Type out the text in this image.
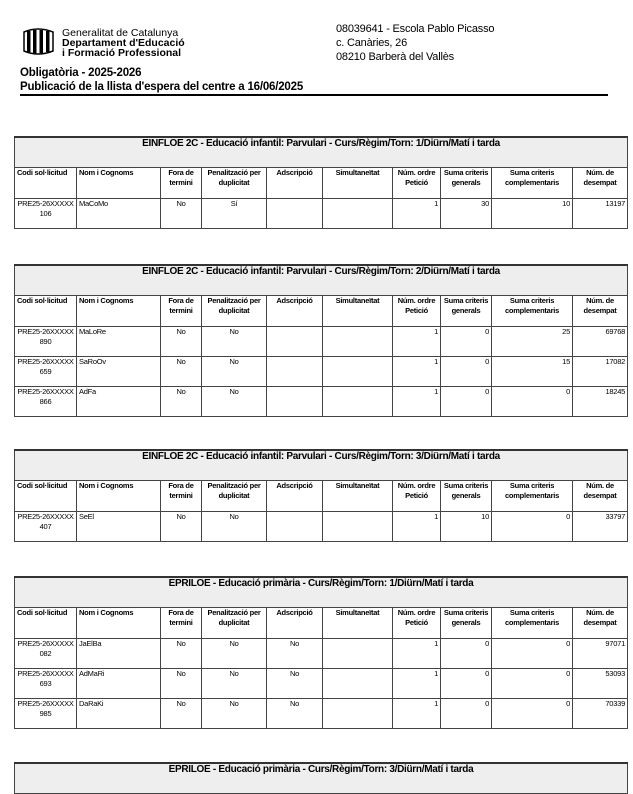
Generalitat de Catalunya
Departament d'Educació
i Formació Professional
08039641 - Escola Pablo Picasso
c. Canàries, 26
08210 Barberà del Vallès
Obligatòria - 2025-2026
Publicació de la llista d'espera del centre a 16/06/2025
EINFLOE 2C - Educació infantil: Parvulari - Curs/Règim/Torn: 1/Diürn/Matí i tarda									
Codi sol·licitud	Nom i Cognoms	Fora de termini	Penalització per duplicitat	Adscripció	Simultaneïtat	Núm. ordre Petició	Suma criteris generals	Suma criteris complementaris	Núm. de desempat
PRE25-26XXXXX106	MaCoMo	No	Sí			1	30	10	13197
EINFLOE 2C - Educació infantil: Parvulari - Curs/Règim/Torn: 2/Diürn/Matí i tarda									
Codi sol·licitud	Nom i Cognoms	Fora de termini	Penalització per duplicitat	Adscripció	Simultaneïtat	Núm. ordre Petició	Suma criteris generals	Suma criteris complementaris	Núm. de desempat
PRE25-26XXXXX890	MaLoRe	No	No			1	0	25	69768
PRE25-26XXXXX659	SaRoOv	No	No			1	0	15	17082
PRE25-26XXXXX866	AdFa	No	No			1	0	0	18245
EINFLOE 2C - Educació infantil: Parvulari - Curs/Règim/Torn: 3/Diürn/Matí i tarda									
Codi sol·licitud	Nom i Cognoms	Fora de termini	Penalització per duplicitat	Adscripció	Simultaneïtat	Núm. ordre Petició	Suma criteris generals	Suma criteris complementaris	Núm. de desempat
PRE25-26XXXXX407	SeEl	No	No			1	10	0	33797
EPRILOE - Educació primària - Curs/Règim/Torn: 1/Diürn/Matí i tarda									
Codi sol·licitud	Nom i Cognoms	Fora de termini	Penalització per duplicitat	Adscripció	Simultaneïtat	Núm. ordre Petició	Suma criteris generals	Suma criteris complementaris	Núm. de desempat
PRE25-26XXXXX082	JaElBa	No	No	No		1	0	0	97071
PRE25-26XXXXX693	AdMaRi	No	No	No		1	0	0	53093
PRE25-26XXXXX985	DaRaKi	No	No	No		1	0	0	70339
EPRILOE - Educació primària - Curs/Règim/Torn: 3/Diürn/Matí i tarda
